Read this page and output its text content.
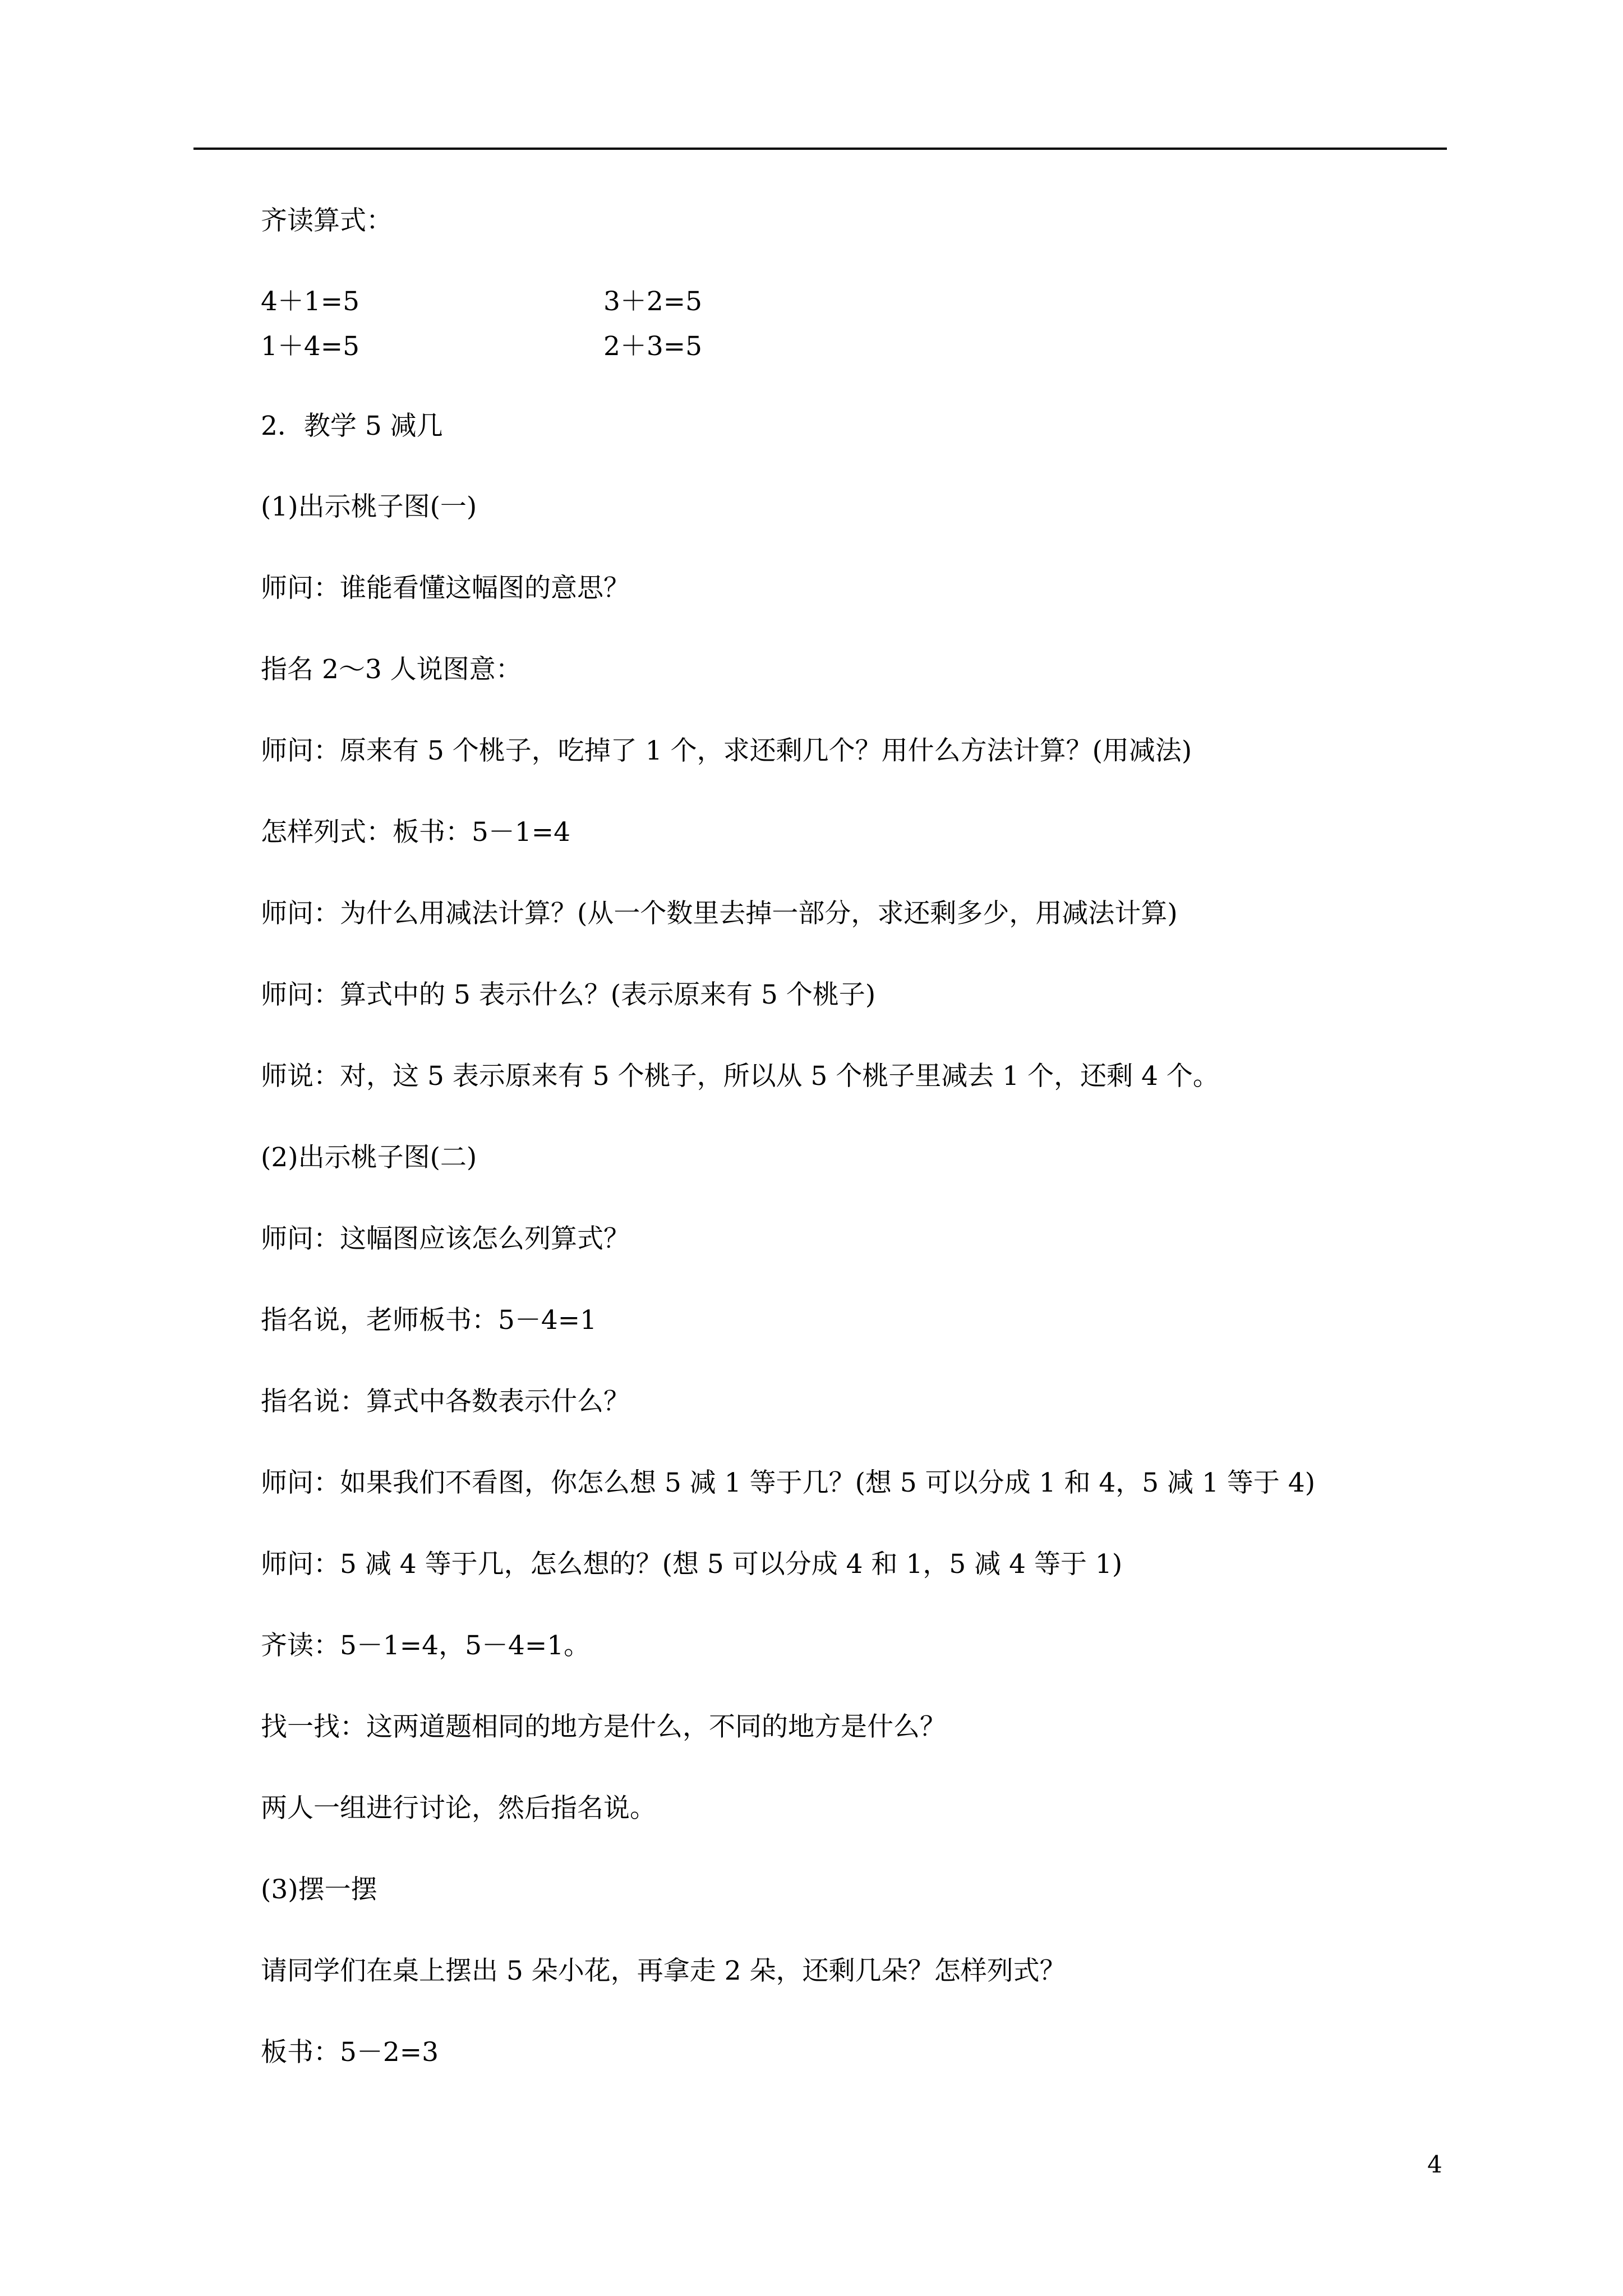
齐读算式：
4＋1=5	3＋2=5
1＋4=5	2＋3=5
2．教学 5 减几
(1)出示桃子图(一)
师问：谁能看懂这幅图的意思？
指名 2～3 人说图意：
师问：原来有 5 个桃子，吃掉了 1 个，求还剩几个？用什么方法计算？(用减法)
怎样列式：板书：5－1=4
师问：为什么用减法计算？(从一个数里去掉一部分，求还剩多少，用减法计算)
师问：算式中的 5 表示什么？(表示原来有 5 个桃子)
师说：对，这 5 表示原来有 5 个桃子，所以从 5 个桃子里减去 1 个，还剩 4 个。
(2)出示桃子图(二)
师问：这幅图应该怎么列算式？
指名说，老师板书：5－4=1
指名说：算式中各数表示什么？
师问：如果我们不看图，你怎么想 5 减 1 等于几？(想 5 可以分成 1 和 4，5 减 1 等于 4)
师问：5 减 4 等于几，怎么想的？(想 5 可以分成 4 和 1，5 减 4 等于 1)
齐读：5－1=4，5－4=1。
找一找：这两道题相同的地方是什么，不同的地方是什么？
两人一组进行讨论，然后指名说。
(3)摆一摆
请同学们在桌上摆出 5 朵小花，再拿走 2 朵，还剩几朵？怎样列式？
板书：5－2=3
4
